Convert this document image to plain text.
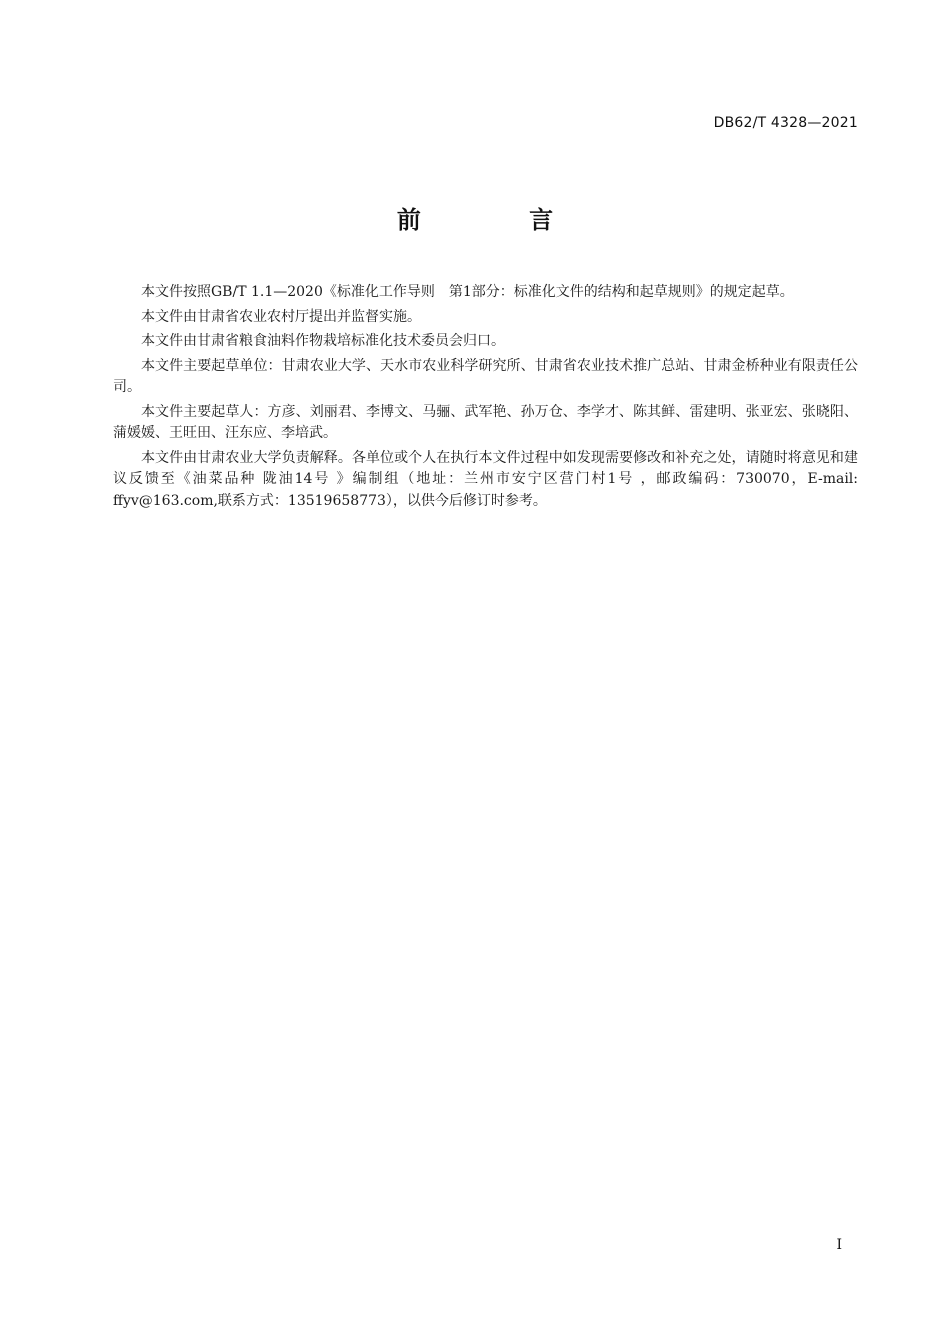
DB62/T 4328—2021
前 言

本文件按照GB/T 1.1—2020《标准化工作导则　第1部分：标准化文件的结构和起草规则》的规定起草。

本文件由甘肃省农业农村厅提出并监督实施。

本文件由甘肃省粮食油料作物栽培标准化技术委员会归口。

本文件主要起草单位：甘肃农业大学、天水市农业科学研究所、甘肃省农业技术推广总站、甘肃金桥种业有限责任公司。

本文件主要起草人：方彦、刘丽君、李博文、马骊、武军艳、孙万仓、李学才、陈其鲜、雷建明、张亚宏、张晓阳、蒲媛媛、王旺田、汪东应、李培武。

本文件由甘肃农业大学负责解释。各单位或个人在执行本文件过程中如发现需要修改和补充之处，请随时将意见和建议反馈至《油菜品种 陇油14号 》编制组（地址：兰州市安宁区营门村1号 ，邮政编码：730070，E-mail: ffyv@163.com,联系方式：13519658773），以供今后修订时参考。

I
